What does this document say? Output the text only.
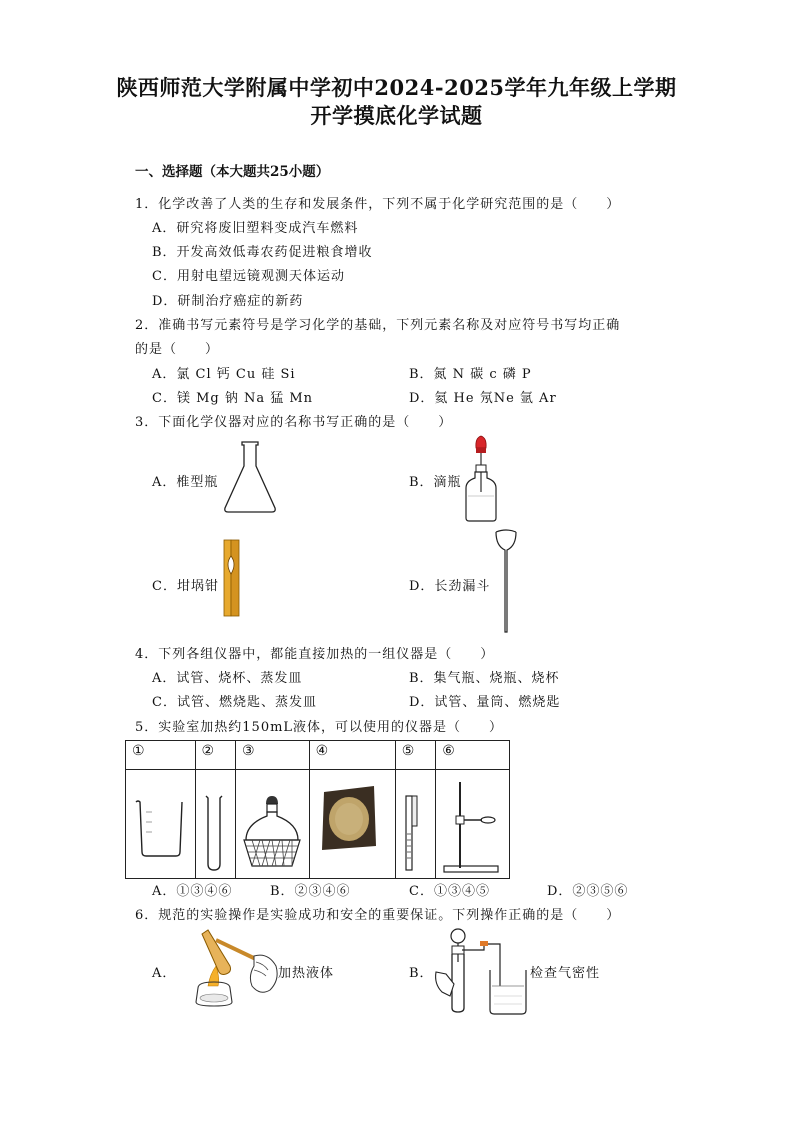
陕西师范大学附属中学初中2024-2025学年九年级上学期
开学摸底化学试题
一、选择题（本大题共25小题）
1．化学改善了人类的生存和发展条件，下列不属于化学研究范围的是（　　）
A．研究将废旧塑料变成汽车燃料
B．开发高效低毒农药促进粮食增收
C．用射电望远镜观测天体运动
D．研制治疗癌症的新药
2．准确书写元素符号是学习化学的基础，下列元素名称及对应符号书写均正确
的是（　　）
A．氯 Cl 钙 Cu 硅 Si	B．氮 N 碳 c 磷 P
C．镁 Mg 钠 Na 猛 Mn	D．氦 He 氖Ne 氩 Ar
3．下面化学仪器对应的名称书写正确的是（　　）
A．椎型瓶	B．滴瓶
C．坩埚钳	D．长劲漏斗
4．下列各组仪器中，都能直接加热的一组仪器是（　　）
A．试管、烧杯、蒸发皿	B．集气瓶、烧瓶、烧杯
C．试管、燃烧匙、蒸发皿	D．试管、量筒、燃烧匙
5．实验室加热约150mL液体，可以使用的仪器是（　　）
①	②	③	④	⑤	⑥

A．①③④⑥	B．②③④⑥	C．①③④⑤	D．②③⑤⑥
6．规范的实验操作是实验成功和安全的重要保证。下列操作正确的是（　　）
A．	加热液体	B．	检查气密性
